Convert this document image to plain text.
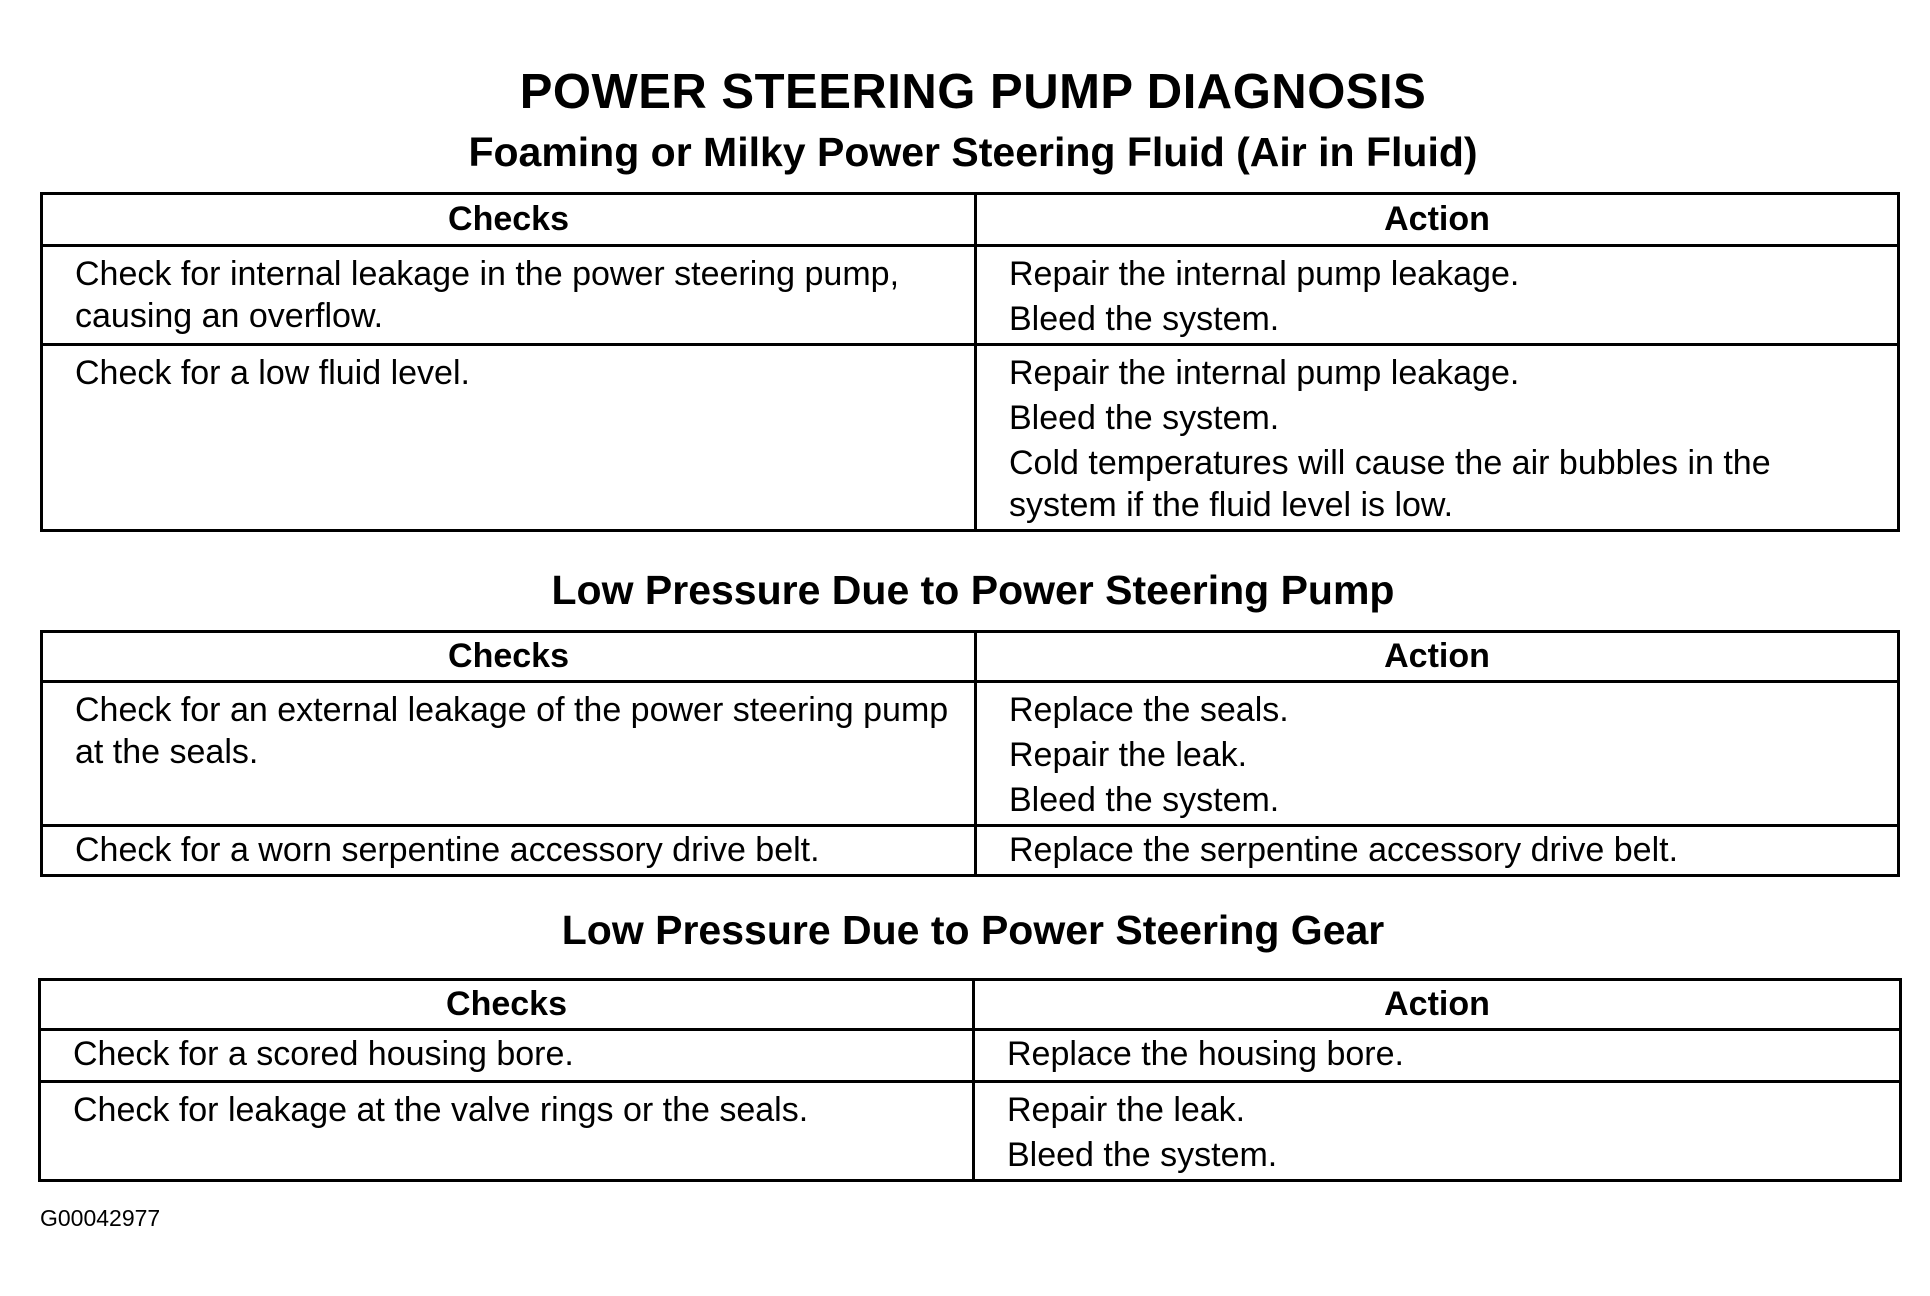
POWER STEERING PUMP DIAGNOSIS
Foaming or Milky Power Steering Fluid (Air in Fluid)
Checks	Action
Check for internal leakage in the power steering pump, causing an overflow.	Repair the internal pump leakage.
Bleed the system.

Check for a low fluid level.	Repair the internal pump leakage.
Bleed the system.
Cold temperatures will cause the air bubbles in the system if the fluid level is low.
Low Pressure Due to Power Steering Pump
Checks	Action
Check for an external leakage of the power steering pump at the seals.	Replace the seals.
Repair the leak.
Bleed the system.

Check for a worn serpentine accessory drive belt.	Replace the serpentine accessory drive belt.
Low Pressure Due to Power Steering Gear
Checks	Action
Check for a scored housing bore.	Replace the housing bore.

Check for leakage at the valve rings or the seals.	Repair the leak.
Bleed the system.
G00042977
